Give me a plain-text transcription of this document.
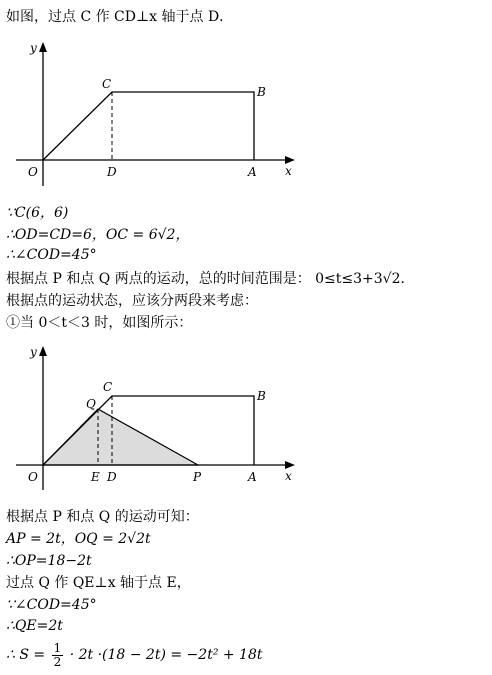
如图，过点 C 作 CD⊥x 轴于点 D．
y
C
B
O	D	A x
∵C(6，6)
∴OD=CD=6，OC = 6√2，
∴∠COD=45°
根据点 P 和点 Q 两点的运动，总的时间范围是： 0≤t≤3+3√2．
根据点的运动状态，应该分两段来考虑：
①当 0＜t＜3 时，如图所示：
y
C
Q
B
O	E D	P	A x
根据点 P 和点 Q 的运动可知：
AP = 2t，OQ = 2√2t
∴OP=18−2t
过点 Q 作 QE⊥x 轴于点 E，
∵∠COD=45°
∴QE=2t
∴ $S = \frac{1}{2} \cdot 2t \cdot(18 - 2t) = -2t^2 + 18t$
